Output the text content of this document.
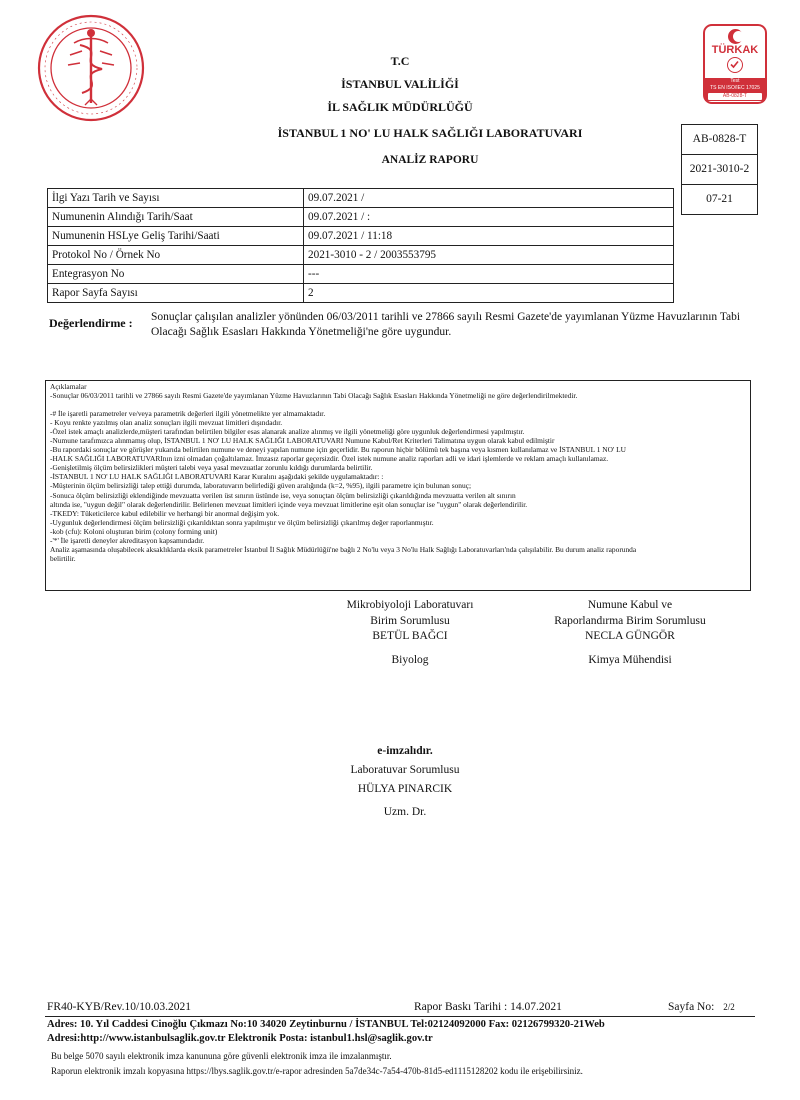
TÜRKAK
Test
TS EN ISO/IEC 17025
AB-0828-T
T.C
İSTANBUL VALİLİĞİ
İL SAĞLIK MÜDÜRLÜĞÜ
İSTANBUL 1 NO' LU HALK SAĞLIĞI LABORATUVARI
ANALİZ RAPORU
AB-0828-T
2021-3010-2
07-21
İlgi Yazı Tarih ve Sayısı	09.07.2021 /
Numunenin Alındığı Tarih/Saat	09.07.2021 / :
Numunenin HSLye Geliş Tarihi/Saati	09.07.2021 / 11:18
Protokol No / Örnek No	2021-3010 - 2 / 2003553795
Entegrasyon No	---
Rapor Sayfa Sayısı	2
Değerlendirme : Sonuçlar çalışılan analizler yönünden 06/03/2011 tarihli ve 27866 sayılı Resmi Gazete'de yayımlanan Yüzme Havuzlarının Tabi Olacağı Sağlık Esasları Hakkında Yönetmeliği'ne göre uygundur.
Açıklamalar
-Sonuçlar 06/03/2011 tarihli ve 27866 sayılı Resmi Gazete'de yayımlanan Yüzme Havuzlarının Tabi Olacağı Sağlık Esasları Hakkında Yönetmeliği ne göre değerlendirilmektedir.
-# İle işaretli parametreler ve/veya parametrik değerleri ilgili yönetmelikte yer almamaktadır.
- Koyu renkte yazılmış olan analiz sonuçları ilgili mevzuat limitleri dışındadır.
-Özel istek amaçlı analizlerde,müşteri tarafından belirtilen bilgiler esas alanarak analize alınmış ve ilgili yönetmeliği göre uygunluk değerlendirmesi yapılmıştır.
-Numune tarafımızca alınmamış olup, İSTANBUL 1 NO' LU HALK SAĞLIĞI LABORATUVARI Numune Kabul/Ret Kriterleri Talimatına uygun olarak kabul edilmiştir
-Bu rapordaki sonuçlar ve görüşler yukarıda belirtilen numune ve deneyi yapılan numune için geçerlidir. Bu raporun hiçbir bölümü tek başına veya kısmen kullanılamaz ve İSTANBUL 1 NO' LU
-HALK SAĞLIĞI LABORATUVARInın izni olmadan çoğaltılamaz. İmzasız raporlar geçersizdir. Özel istek numune analiz raporları adli ve idari işlemlerde ve reklam amaçlı kullanılamaz.
-Genişletilmiş ölçüm belirsizlikleri müşteri talebi veya yasal mevzuatlar zorunlu kıldığı durumlarda belirtilir.
-İSTANBUL 1 NO' LU HALK SAĞLIĞI LABORATUVARI Karar Kuralını aşağıdaki şekilde uygulamaktadır: :
-Müşterinin ölçüm belirsizliği talep ettiği durumda, laboratuvarın belirlediği güven aralığında (k=2, %95), ilgili parametre için bulunan sonuç;
-Sonuca ölçüm belirsizliği eklendiğinde mevzuatta verilen üst sınırın üstünde ise, veya sonuçtan ölçüm belirsizliği çıkarıldığında mevzuatta verilen alt sınırın
altında ise, "uygun değil" olarak değerlendirilir. Belirlenen mevzuat limitleri içinde veya mevzuat limitlerine eşit olan sonuçlar ise "uygun" olarak değerlendirilir.
-TKEDY: Tüketicilerce kabul edilebilir ve herhangi bir anormal değişim yok.
-Uygunluk değerlendirmesi ölçüm belirsizliği çıkarıldıktan sonra yapılmıştır ve ölçüm belirsizliği çıkarılmış değer raporlanmıştır.
-kob (cfu): Koloni oluşturan birim (colony forming unit)
-'*' İle işaretli deneyler akreditasyon kapsamındadır.
Analiz aşamasında oluşabilecek aksaklıklarda eksik parametreler İstanbul İl Sağlık Müdürlüğü'ne bağlı 2 No'lu veya 3 No'lu Halk Sağlığı Laboratuvarları'nda çalışılabilir. Bu durum analiz raporunda
belirtilir.
Mikrobiyoloji Laboratuvarı
Birim Sorumlusu
BETÜL BAĞCI
Biyolog
Numune Kabul ve
Raporlandırma Birim Sorumlusu
NECLA GÜNGÖR
Kimya Mühendisi
e-imzalıdır.
Laboratuvar Sorumlusu
HÜLYA PINARCIK
Uzm. Dr.
FR40-KYB/Rev.10/10.03.2021	Rapor Baskı Tarihi : 14.07.2021	Sayfa No: 2/2
Adres: 10. Yıl Caddesi Cinoğlu Çıkmazı No:10 34020 Zeytinburnu / İSTANBUL Tel:02124092000 Fax: 02126799320-21Web
Adresi:http://www.istanbulsaglik.gov.tr Elektronik Posta: istanbul1.hsl@saglik.gov.tr
Bu belge 5070 sayılı elektronik imza kanununa göre güvenli elektronik imza ile imzalanmıştır.
Raporun elektronik imzalı kopyasına https://lbys.saglik.gov.tr/e-rapor adresinden 5a7de34c-7a54-470b-81d5-ed1115128202 kodu ile erişebilirsiniz.
